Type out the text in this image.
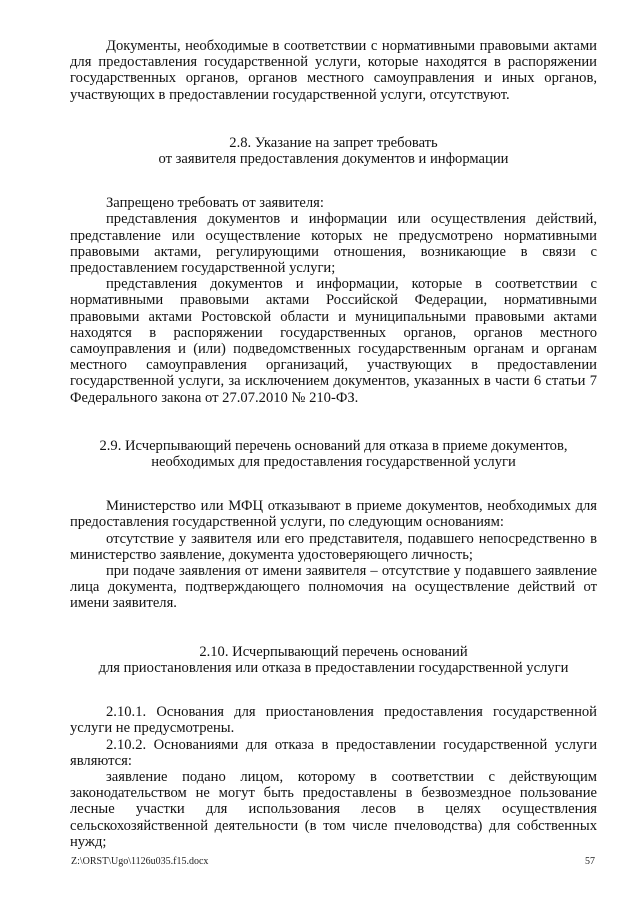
Документы, необходимые в соответствии с нормативными правовыми актами для предоставления государственной услуги, которые находятся в распоряжении государственных органов, органов местного самоуправления и иных органов, участвующих в предоставлении государственной услуги, отсутствуют.

2.8. Указание на запрет требовать

от заявителя предоставления документов и информации

Запрещено требовать от заявителя:

представления документов и информации или осуществления действий, представление или осуществление которых не предусмотрено нормативными правовыми актами, регулирующими отношения, возникающие в связи с предоставлением государственной услуги;

представления документов и информации, которые в соответствии с нормативными правовыми актами Российской Федерации, нормативными правовыми актами Ростовской области и муниципальными правовыми актами находятся в распоряжении государственных органов, органов местного самоуправления и (или) подведомственных государственным органам и органам местного самоуправления организаций, участвующих в предоставлении государственной услуги, за исключением документов, указанных в части 6 статьи 7 Федерального закона от 27.07.2010 № 210-ФЗ.

2.9. Исчерпывающий перечень оснований для отказа в приеме документов,

необходимых для предоставления государственной услуги

Министерство или МФЦ отказывают в приеме документов, необходимых для предоставления государственной услуги, по следующим основаниям:

отсутствие у заявителя или его представителя, подавшего непосредственно в министерство заявление, документа удостоверяющего личность;

при подаче заявления от имени заявителя – отсутствие у подавшего заявление лица документа, подтверждающего полномочия на осуществление действий от имени заявителя.

2.10. Исчерпывающий перечень оснований

для приостановления или отказа в предоставлении государственной услуги

2.10.1. Основания для приостановления предоставления государственной услуги не предусмотрены.

2.10.2. Основаниями для отказа в предоставлении государственной услуги являются:

заявление подано лицом, которому в соответствии с действующим законодательством не могут быть предоставлены в безвозмездное пользование лесные участки для использования лесов в целях осуществления сельскохозяйственной деятельности (в том числе пчеловодства) для собственных нужд;

Z:\ORST\Ugo\1126u035.f15.docx	57
